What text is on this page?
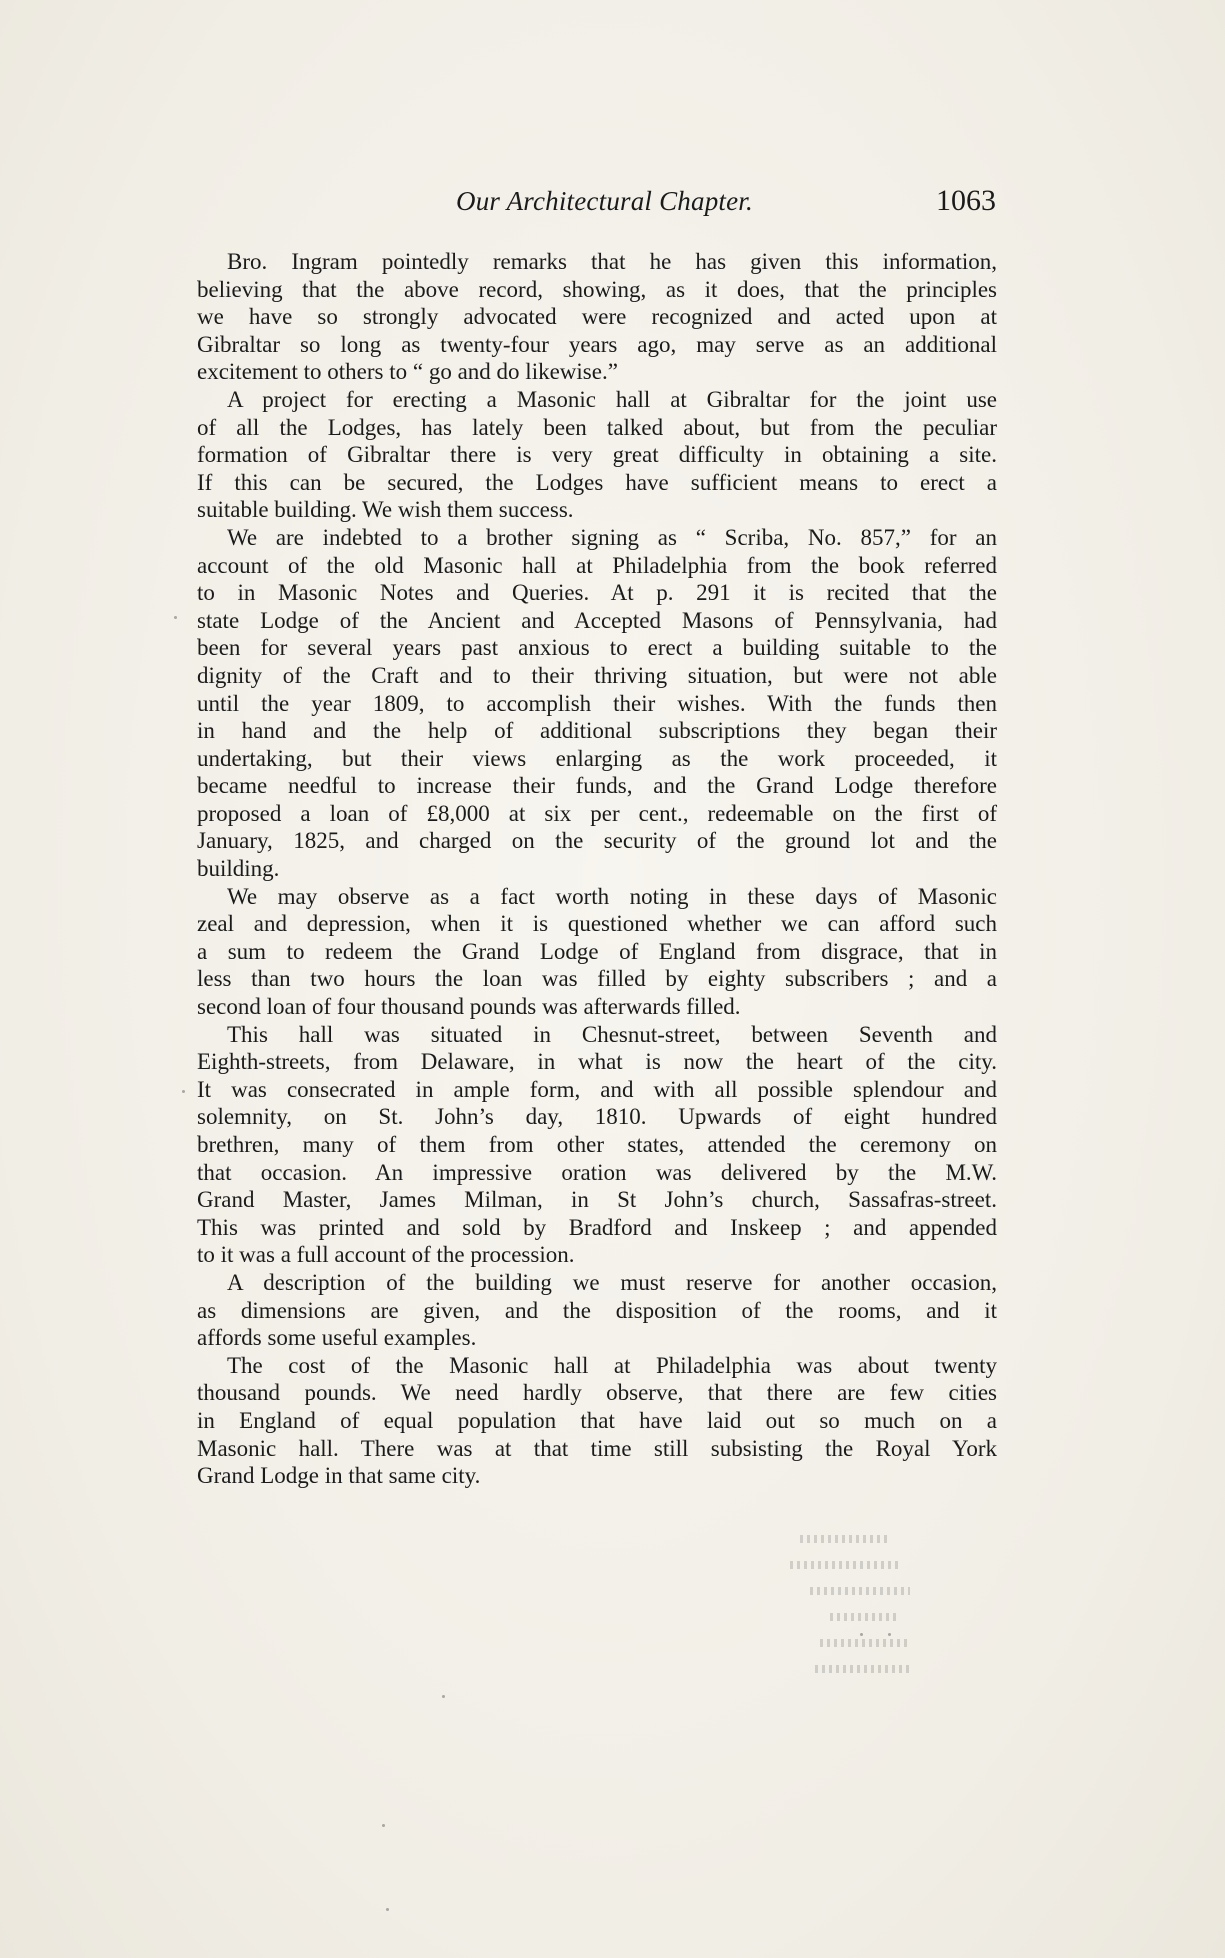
Our Architectural Chapter.	1063
Bro. Ingram pointedly remarks that he has given this information,
believing that the above record, showing, as it does, that the principles
we have so strongly advocated were recognized and acted upon at
Gibraltar so long as twenty-four years ago, may serve as an additional
excitement to others to “ go and do likewise.”
A project for erecting a Masonic hall at Gibraltar for the joint use
of all the Lodges, has lately been talked about, but from the peculiar
formation of Gibraltar there is very great difficulty in obtaining a site.
If this can be secured, the Lodges have sufficient means to erect a
suitable building. We wish them success.
We are indebted to a brother signing as “ Scriba, No. 857,” for an
account of the old Masonic hall at Philadelphia from the book referred
to in Masonic Notes and Queries. At p. 291 it is recited that the
state Lodge of the Ancient and Accepted Masons of Pennsylvania, had
been for several years past anxious to erect a building suitable to the
dignity of the Craft and to their thriving situation, but were not able
until the year 1809, to accomplish their wishes. With the funds then
in hand and the help of additional subscriptions they began their
undertaking, but their views enlarging as the work proceeded, it
became needful to increase their funds, and the Grand Lodge therefore
proposed a loan of £8,000 at six per cent., redeemable on the first of
January, 1825, and charged on the security of the ground lot and the
building.
We may observe as a fact worth noting in these days of Masonic
zeal and depression, when it is questioned whether we can afford such
a sum to redeem the Grand Lodge of England from disgrace, that in
less than two hours the loan was filled by eighty subscribers ; and a
second loan of four thousand pounds was afterwards filled.
This hall was situated in Chesnut-street, between Seventh and
Eighth-streets, from Delaware, in what is now the heart of the city.
It was consecrated in ample form, and with all possible splendour and
solemnity, on St. John’s day, 1810. Upwards of eight hundred
brethren, many of them from other states, attended the ceremony on
that occasion. An impressive oration was delivered by the M.W.
Grand Master, James Milman, in St John’s church, Sassafras-street.
This was printed and sold by Bradford and Inskeep ; and appended
to it was a full account of the procession.
A description of the building we must reserve for another occasion,
as dimensions are given, and the disposition of the rooms, and it
affords some useful examples.
The cost of the Masonic hall at Philadelphia was about twenty
thousand pounds. We need hardly observe, that there are few cities
in England of equal population that have laid out so much on a
Masonic hall. There was at that time still subsisting the Royal York
Grand Lodge in that same city.
